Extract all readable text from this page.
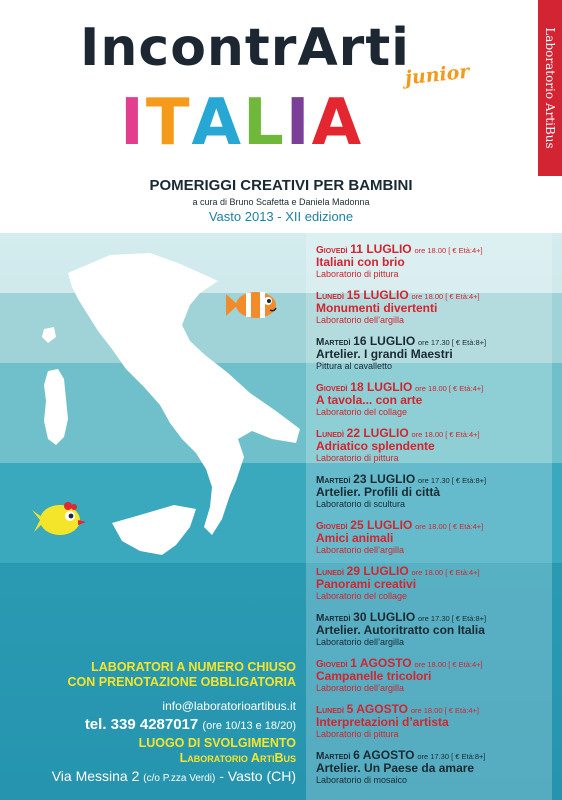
IncontrArti
ITALIA
junior	Laboratorio ArtiBus
POMERIGGI CREATIVI PER BAMBINI
a cura di Bruno Scafetta e Daniela Madonna
Vasto 2013 - XII edizione
Giovedì 11 LUGLIO ore 18.00 [ € Età:4+]
Italiani con brio
Laboratorio di pittura
Lunedì 15 LUGLIO ore 18.00 [ € Età:4+]
Monumenti divertenti
Laboratorio dell’argilla
Martedì 16 LUGLIO ore 17.30 [ € Età:8+]
Artelier. I grandi Maestri
Pittura al cavalletto
Giovedì 18 LUGLIO ore 18.00 [ € Età:4+]
A tavola... con arte
Laboratorio del collage
Lunedì 22 LUGLIO ore 18.00 [ € Età:4+]
Adriatico splendente
Laboratorio di pittura
Martedì 23 LUGLIO ore 17.30 [ € Età:8+]
Artelier. Profili di città
Laboratorio di scultura
Giovedì 25 LUGLIO ore 18.00 [ € Età:4+]
Amici animali
Laboratorio dell’argilla
Lunedì 29 LUGLIO ore 18.00 [ € Età:4+]
Panorami creativi
Laboratorio del collage
Martedì 30 LUGLIO ore 17.30 [ € Età:8+]
Artelier. Autoritratto con Italia
Laboratorio dell’argilla
Giovedì 1 AGOSTO ore 18.00 [ € Età:4+]
Campanelle tricolori
Laboratorio dell’argilla
Lunedì 5 AGOSTO ore 18.00 [ € Età:4+]
Interpretazioni d’artista
Laboratorio di pittura
Martedì 6 AGOSTO ore 17.30 [ € Età:8+]
Artelier. Un Paese da amare
Laboratorio di mosaico
LABORATORI A NUMERO CHIUSO
CON PRENOTAZIONE OBBLIGATORIA
info@laboratorioartibus.it
tel. 339 4287017 (ore 10/13 e 18/20)
LUOGO DI SVOLGIMENTO
Laboratorio ArtiBus
Via Messina 2 (c/o P.zza Verdi) - Vasto (CH)
